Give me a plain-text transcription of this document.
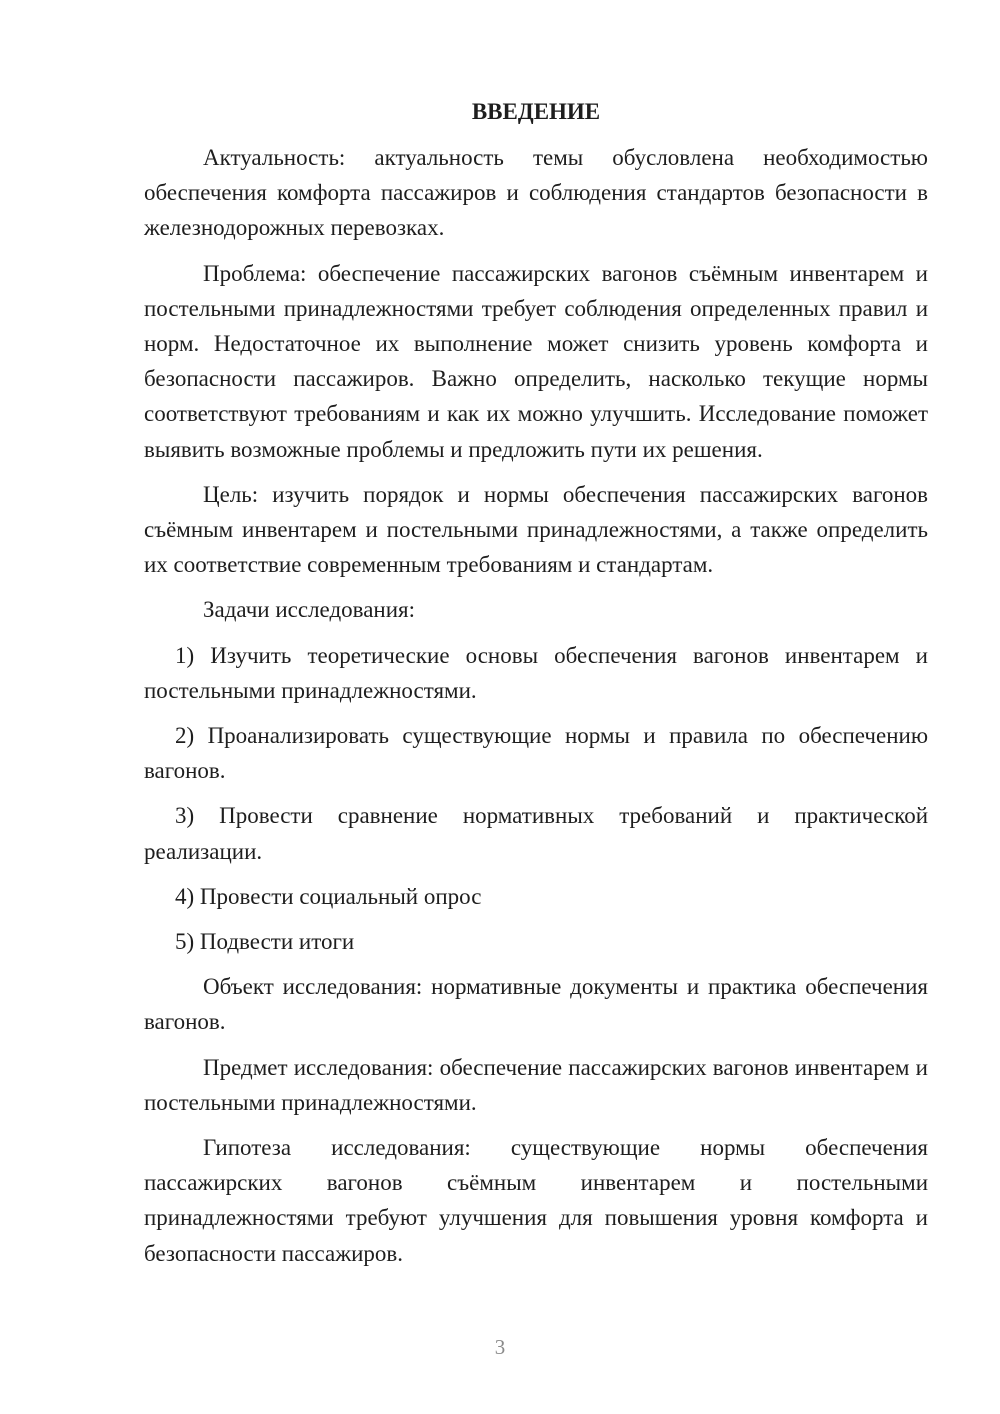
ВВЕДЕНИЕ

Актуальность: актуальность темы обусловлена необходимостью обеспечения комфорта пассажиров и соблюдения стандартов безопасности в железнодорожных перевозках.

Проблема: обеспечение пассажирских вагонов съёмным инвентарем и постельными принадлежностями требует соблюдения определенных правил и норм. Недостаточное их выполнение может снизить уровень комфорта и безопасности пассажиров. Важно определить, насколько текущие нормы соответствуют требованиям и как их можно улучшить. Исследование поможет выявить возможные проблемы и предложить пути их решения.

Цель: изучить порядок и нормы обеспечения пассажирских вагонов съёмным инвентарем и постельными принадлежностями, а также определить их соответствие современным требованиям и стандартам.

Задачи исследования:

1) Изучить теоретические основы обеспечения вагонов инвентарем и постельными принадлежностями.

2) Проанализировать существующие нормы и правила по обеспечению вагонов.

3) Провести сравнение нормативных требований и практической реализации.

4) Провести социальный опрос

5) Подвести итоги

Объект исследования: нормативные документы и практика обеспечения вагонов.

Предмет исследования: обеспечение пассажирских вагонов инвентарем и постельными принадлежностями.

Гипотеза исследования: существующие нормы обеспечения пассажирских вагонов съёмным инвентарем и постельными принадлежностями требуют улучшения для повышения уровня комфорта и безопасности пассажиров.

3
